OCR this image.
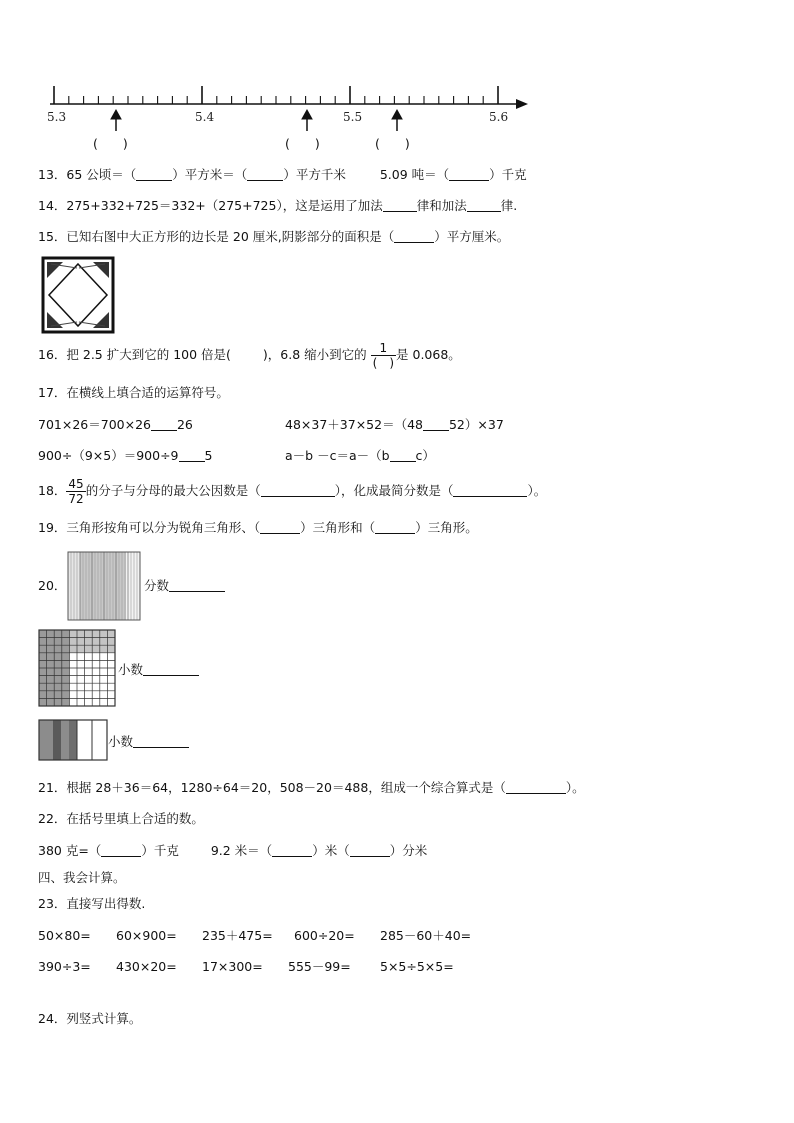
5.3	5.4	5.5	5.6
(　　)	(　　)	(　　)
13．65 公顷＝（	）平方米＝（	）平方千米	5.09 吨＝（	）千克
14．275+332+725＝332+（275+725），这是运用了加法	律和加法	律.
15．已知右图中大正方形的边长是 20 厘米,阴影部分的面积是（	）平方厘米。
16．把 2.5 扩大到它的 100 倍是(	)，6.8 缩小到它的 $\frac{1}{( )}$ 是 0.068。
17．在横线上填合适的运算符号。
701×26＝700×26 26	48×37＋37×52＝（48 52）×37
900÷（9×5）＝900÷9 5	a－b －c＝a－（b c）
18． $\frac{45}{72}$ 的分子与分母的最大公因数是（	），化成最简分数是（	）。
19．三角形按角可以分为锐角三角形、（	）三角形和（	）三角形。
20．	分数
小数
小数
21．根据 28＋36＝64，1280÷64＝20，508－20＝488，组成一个综合算式是（	）。
22．在括号里填上合适的数。
380 克=（	）千克	9.2 米＝（	）米（	）分米
四、我会计算。
23．直接写出得数.
50×80= 60×900= 235＋475= 600÷20= 285－60＋40=
390÷3= 430×20= 17×300= 555－99= 5×5÷5×5=
24．列竖式计算。
